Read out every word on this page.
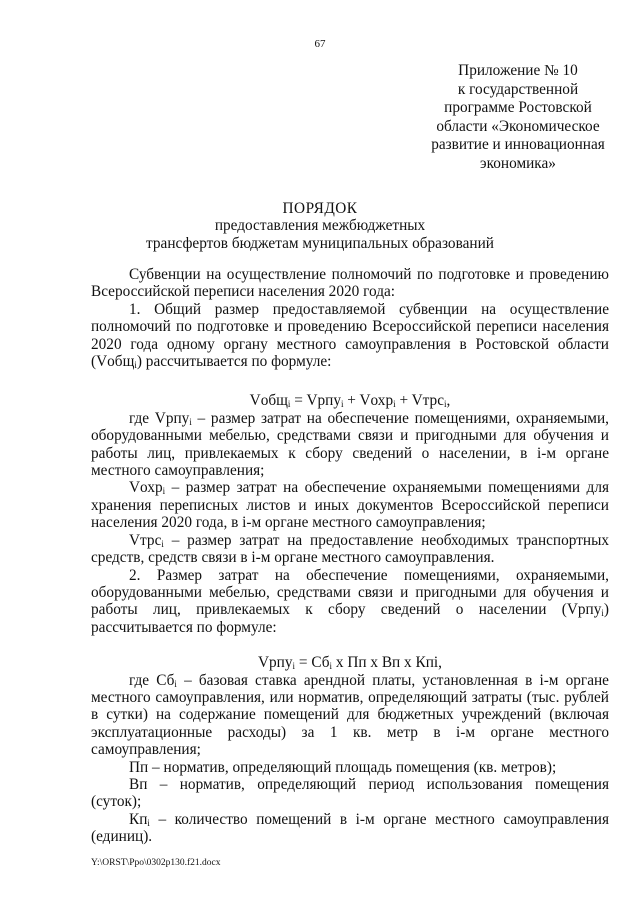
67
Приложение № 10
к государственной
программе Ростовской
области «Экономическое
развитие и инновационная
экономика»
ПОРЯДОК
предоставления межбюджетных
трансфертов бюджетам муниципальных образований

Субвенции на осуществление полномочий по подготовке и проведению Всероссийской переписи населения 2020 года:

1. Общий размер предоставляемой субвенции на осуществление полномочий по подготовке и проведению Всероссийской переписи населения 2020 года одному органу местного самоуправления в Ростовской области (Vобщ$_i$) рассчитывается по формуле:

Vобщ$_i$ = Vрпу$_i$ + Vохр$_i$ + Vтрс$_i$,

где Vрпу$_i$ – размер затрат на обеспечение помещениями, охраняемыми, оборудованными мебелью, средствами связи и пригодными для обучения и работы лиц, привлекаемых к сбору сведений о населении, в i-м органе местного самоуправления;

Vохр$_i$ – размер затрат на обеспечение охраняемыми помещениями для хранения переписных листов и иных документов Всероссийской переписи населения 2020 года, в i-м органе местного самоуправления;

Vтрс$_i$ – размер затрат на предоставление необходимых транспортных средств, средств связи в i-м органе местного самоуправления.

2. Размер затрат на обеспечение помещениями, охраняемыми, оборудованными мебелью, средствами связи и пригодными для обучения и работы лиц, привлекаемых к сбору сведений о населении (Vрпу$_i$) рассчитывается по формуле:

Vрпу$_i$ = $Сб_i$ х Пп х Вп х Кпi,

где $Сб_i$ – базовая ставка арендной платы, установленная в i-м органе местного самоуправления, или норматив, определяющий затраты (тыс. рублей в сутки) на содержание помещений для бюджетных учреждений (включая эксплуатационные расходы) за 1 кв. метр в i-м органе местного самоуправления;

Пп – норматив, определяющий площадь помещения (кв. метров);

Вп – норматив, определяющий период использования помещения (суток);

$Кп_i$ – количество помещений в i-м органе местного самоуправления (единиц).

Y:\ORST\Ppo\0302p130.f21.docx
